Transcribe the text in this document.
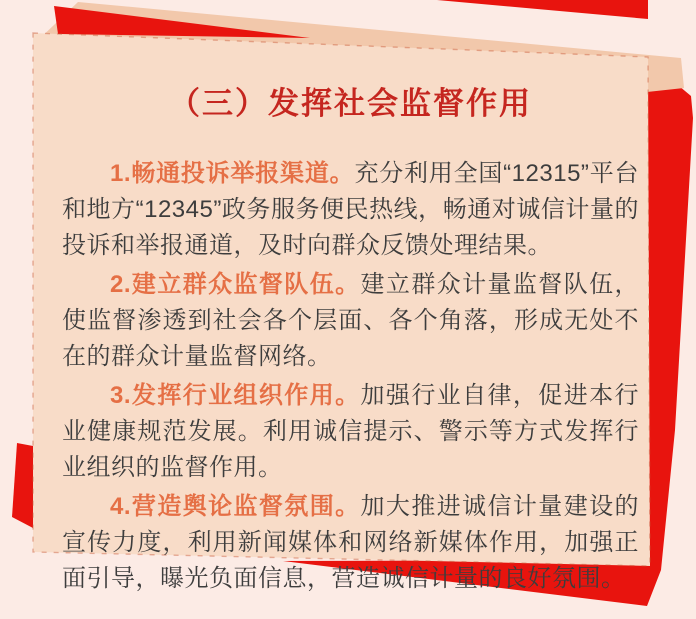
（三）发挥社会监督作用

1.畅通投诉举报渠道。充分利用全国“12315”平台和地方“12345”政务服务便民热线，畅通对诚信计量的投诉和举报通道，及时向群众反馈处理结果。

2.建立群众监督队伍。建立群众计量监督队伍，使监督渗透到社会各个层面、各个角落，形成无处不在的群众计量监督网络。

3.发挥行业组织作用。加强行业自律，促进本行业健康规范发展。利用诚信提示、警示等方式发挥行业组织的监督作用。

4.营造舆论监督氛围。加大推进诚信计量建设的宣传力度，利用新闻媒体和网络新媒体作用，加强正面引导，曝光负面信息，营造诚信计量的良好氛围。
